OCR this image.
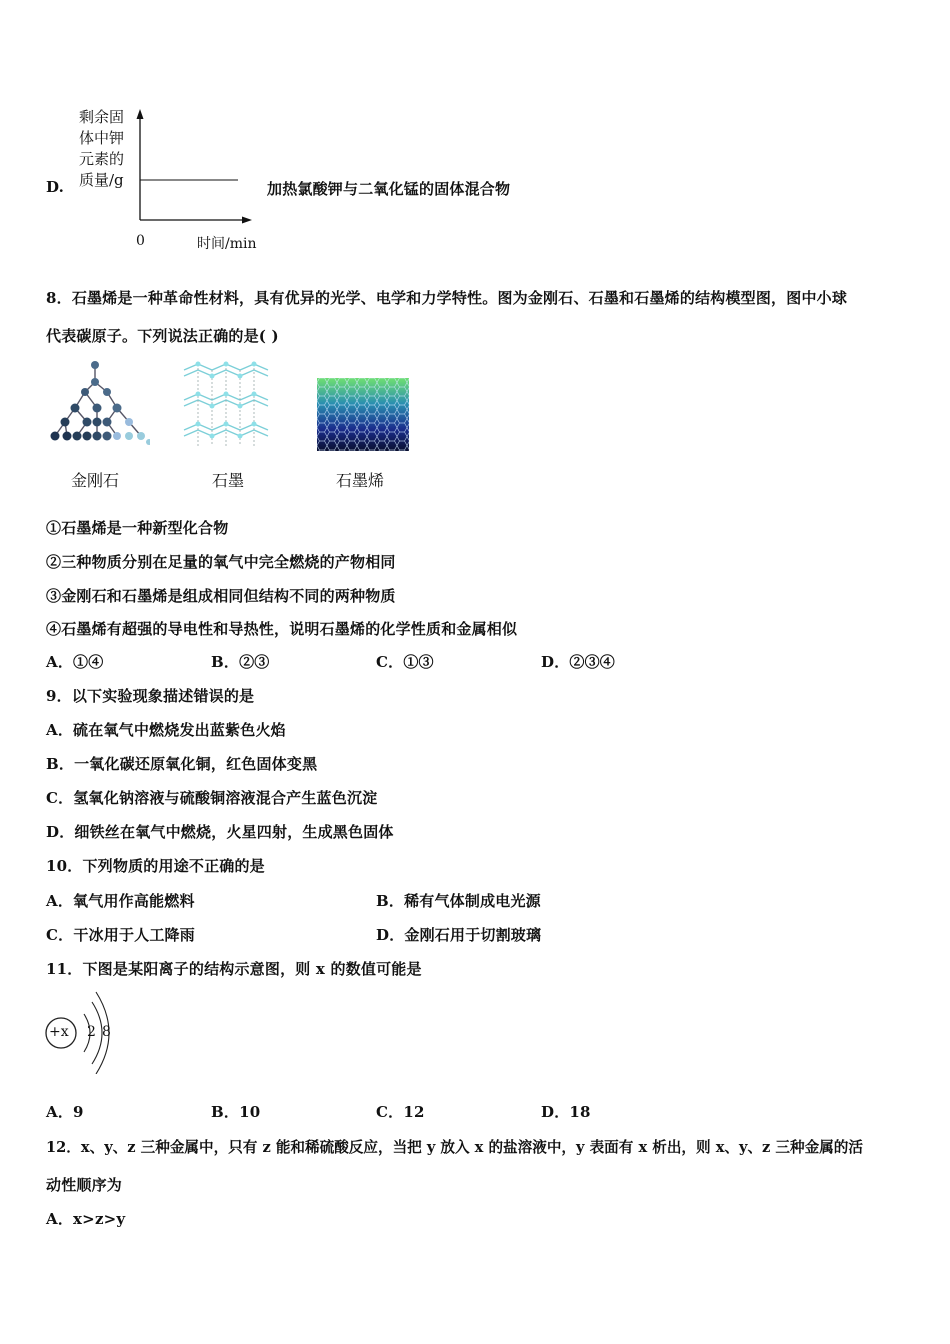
D.
剩余固
体中钾
元素的
质量/g
0	时间/min
加热氯酸钾与二氧化锰的固体混合物
8．石墨烯是一种革命性材料，具有优异的光学、电学和力学特性。图为金刚石、石墨和石墨烯的结构模型图，图中小球
代表碳原子。下列说法正确的是( )
金刚石	石墨	石墨烯
①石墨烯是一种新型化合物
②三种物质分别在足量的氧气中完全燃烧的产物相同
③金刚石和石墨烯是组成相同但结构不同的两种物质
④石墨烯有超强的导电性和导热性，说明石墨烯的化学性质和金属相似
A．①④	B．②③	C．①③	D．②③④
9．以下实验现象描述错误的是
A．硫在氧气中燃烧发出蓝紫色火焰
B．一氧化碳还原氧化铜，红色固体变黑
C．氢氧化钠溶液与硫酸铜溶液混合产生蓝色沉淀
D．细铁丝在氧气中燃烧，火星四射，生成黑色固体
10．下列物质的用途不正确的是
A．氧气用作高能燃料	B．稀有气体制成电光源
C．干冰用于人工降雨	D．金刚石用于切割玻璃
11．下图是某阳离子的结构示意图，则 x 的数值可能是
+x 2 8
A．9	B．10	C．12	D．18
12．x、y、z 三种金属中，只有 z 能和稀硫酸反应，当把 y 放入 x 的盐溶液中，y 表面有 x 析出，则 x、y、z 三种金属的活
动性顺序为
A．x>z>y
